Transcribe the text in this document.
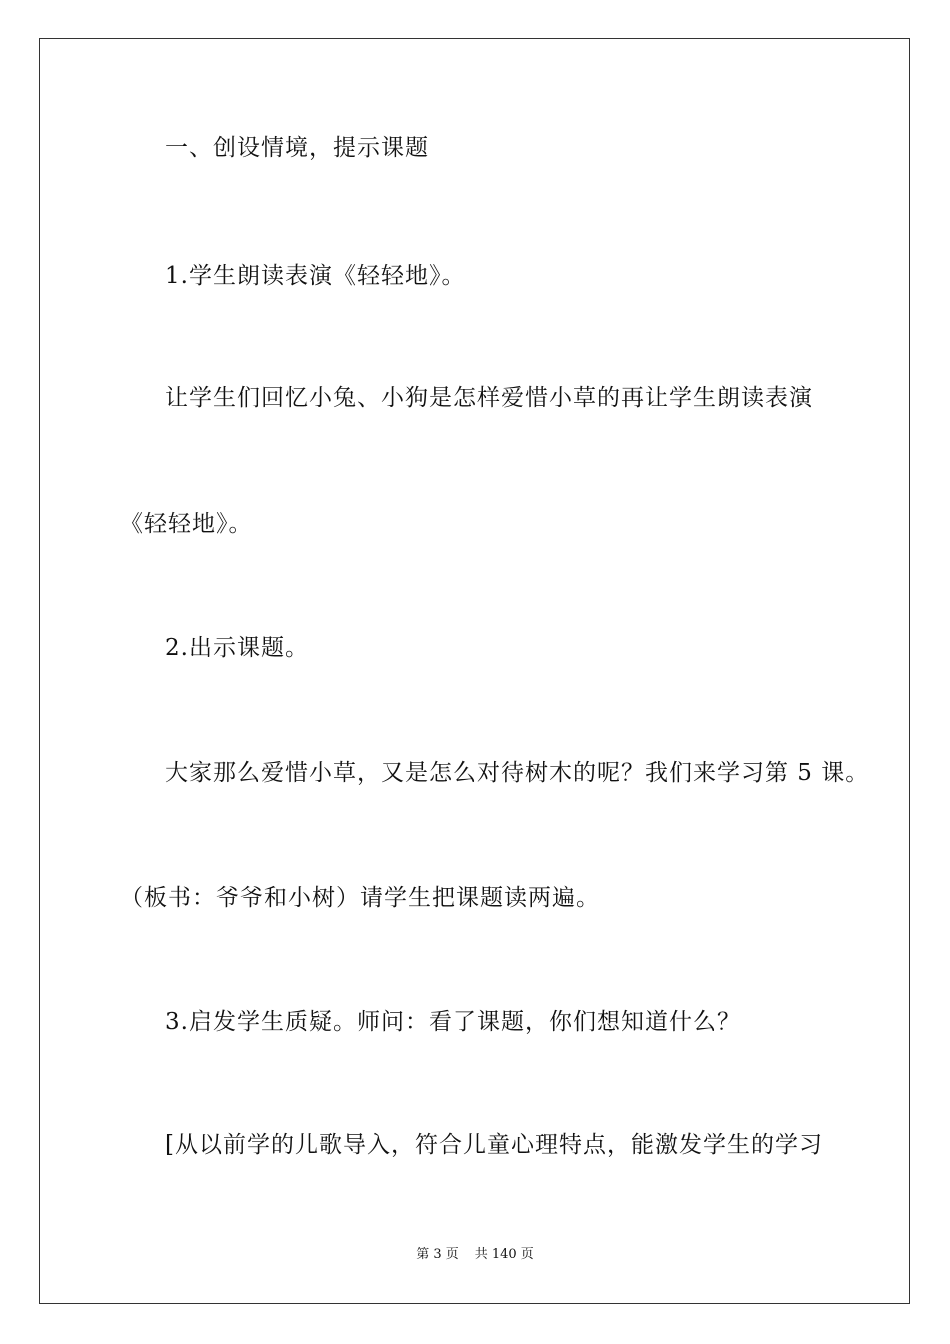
一、创设情境，提示课题
1.学生朗读表演《轻轻地》。
让学生们回忆小兔、小狗是怎样爱惜小草的再让学生朗读表演
《轻轻地》。
2.出示课题。
大家那么爱惜小草，又是怎么对待树木的呢？我们来学习第 5 课。
（板书：爷爷和小树）请学生把课题读两遍。
3.启发学生质疑。师问：看了课题，你们想知道什么？
[从以前学的儿歌导入，符合儿童心理特点，能激发学生的学习
第 3 页 共 140 页
